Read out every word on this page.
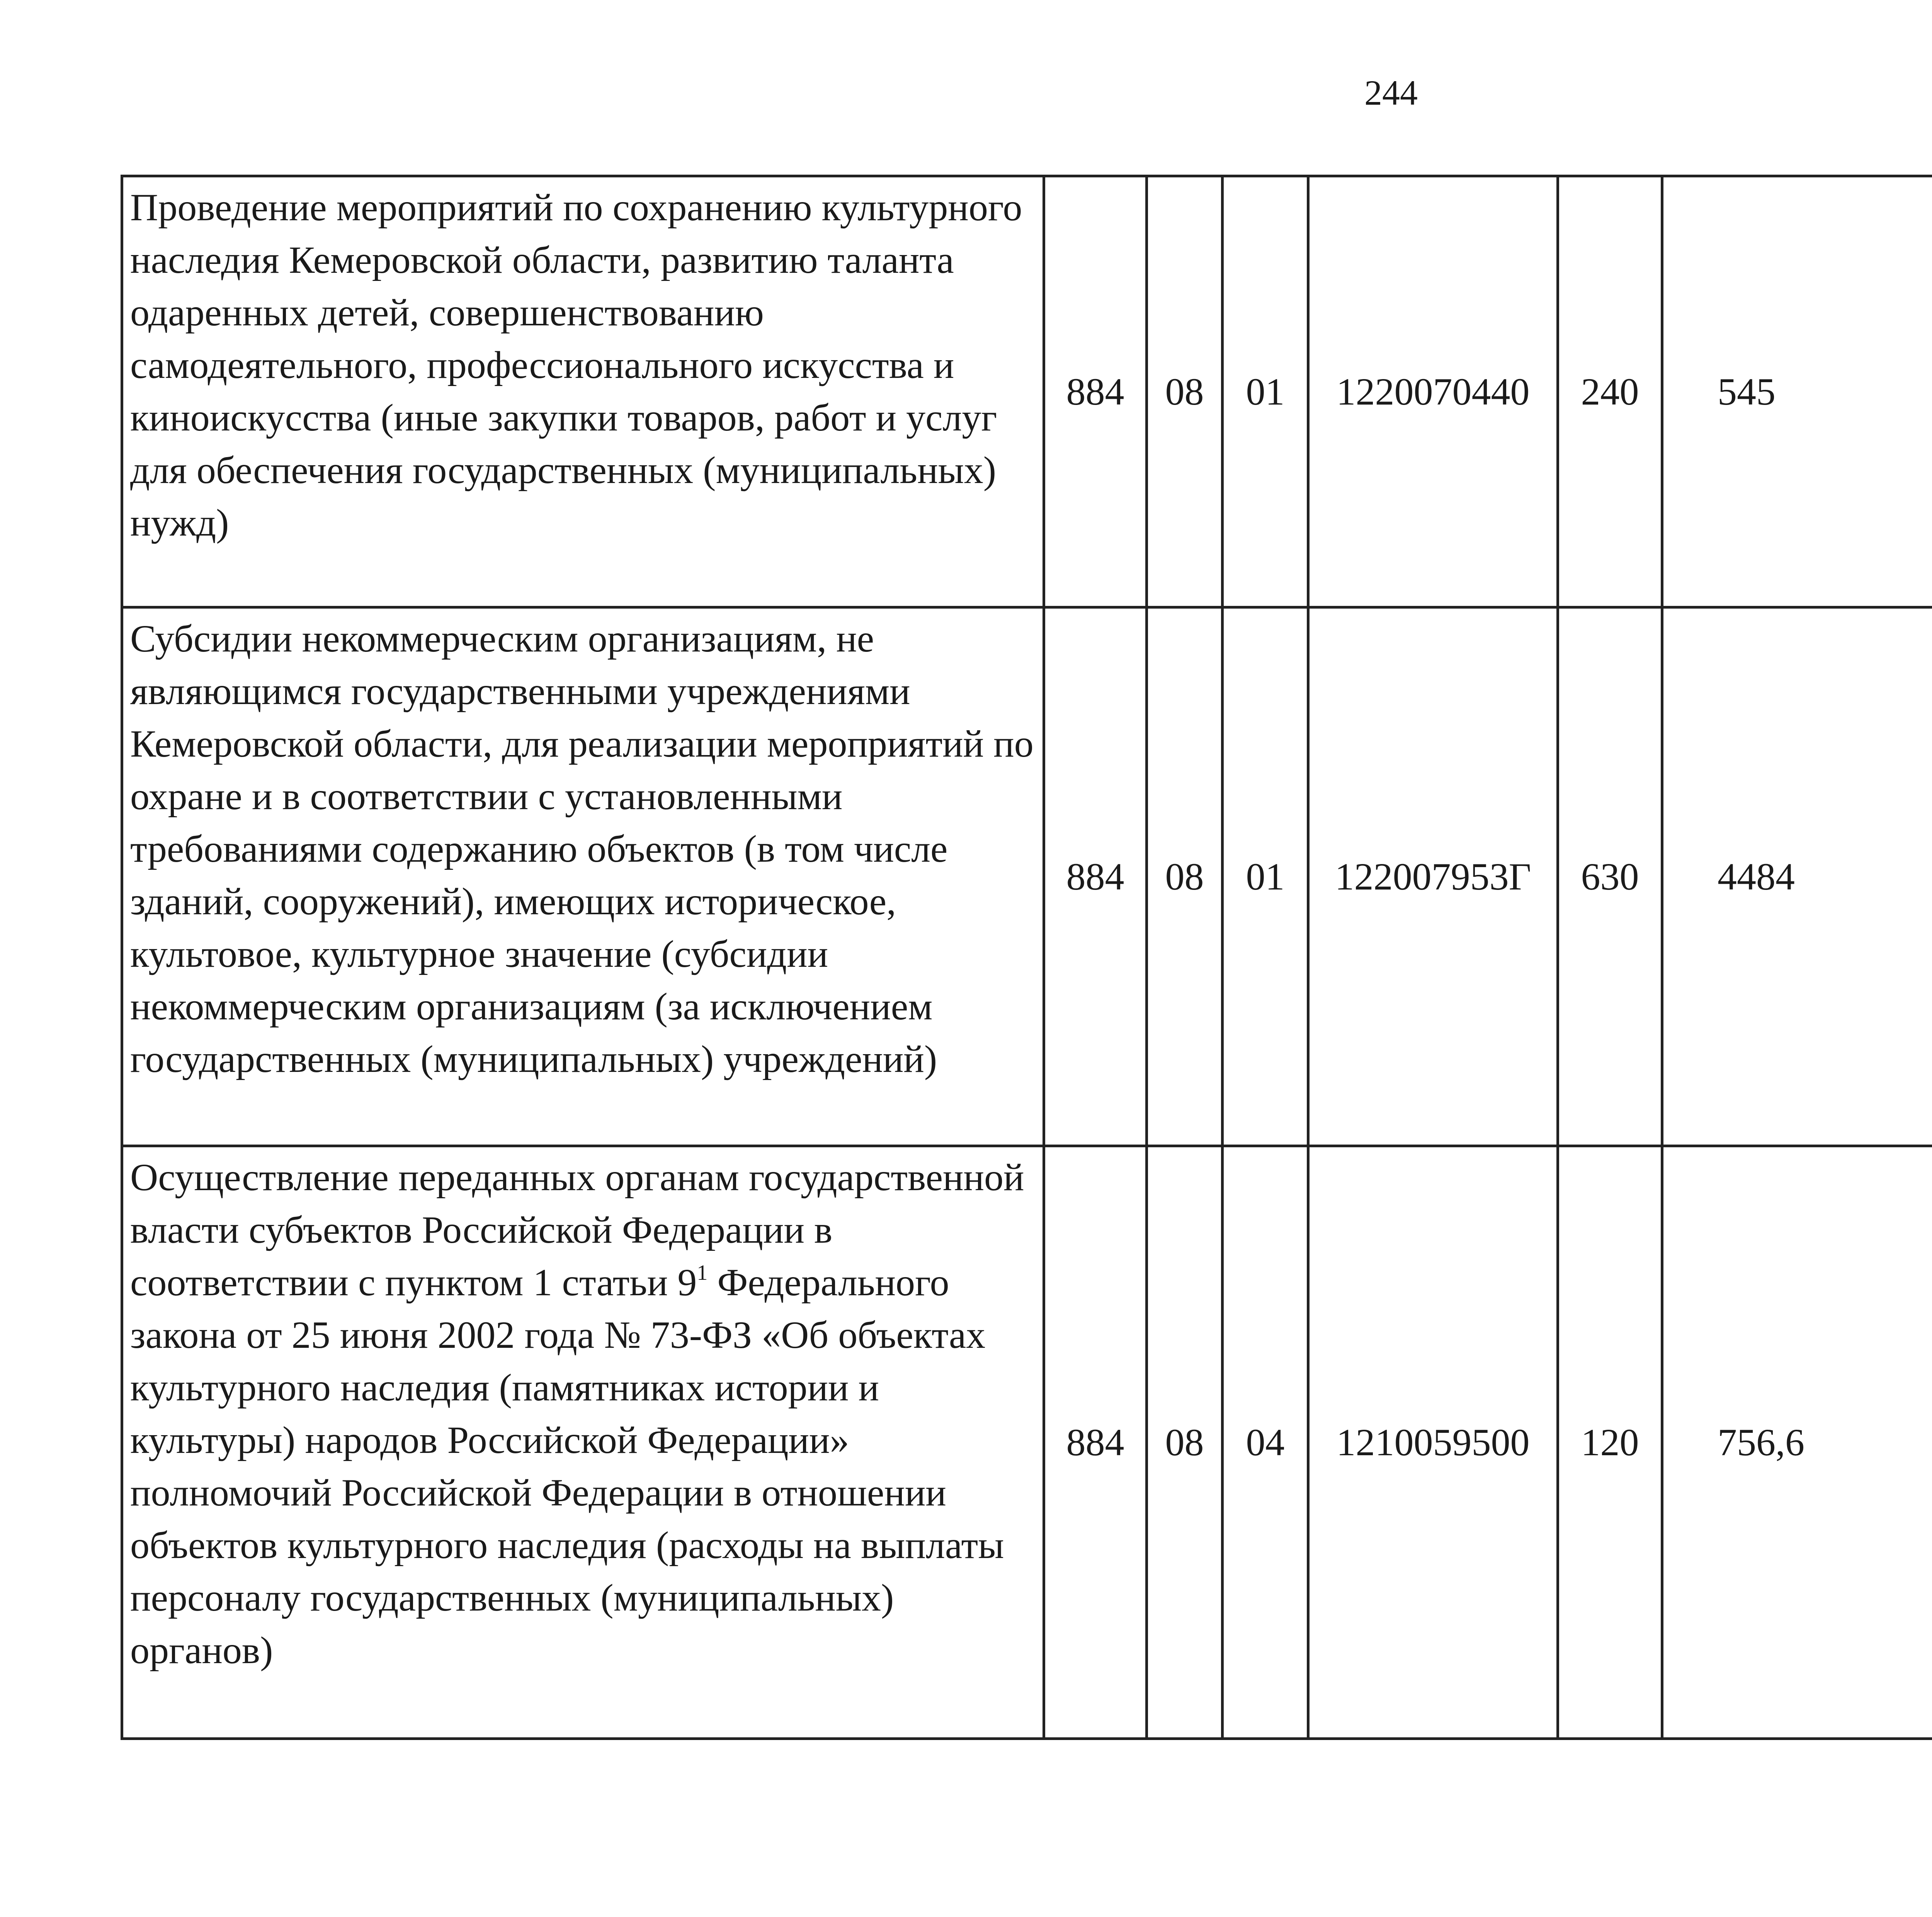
244
Проведение мероприятий по сохранению культурного наследия Кемеровской области, развитию таланта одаренных детей, совершенствованию самодеятельного, профессионального искусства и киноискусства (иные закупки товаров, работ и услуг для обеспечения государственных (муниципальных) нужд)	884	08	01	1220070440	240	545		
Субсидии некоммерческим организациям, не являющимся государственными учреждениями Кемеровской области, для реализации мероприятий по охране и в соответствии с установленными требованиями содержанию объектов (в том числе зданий, сооружений), имеющих историческое, культовое, культурное значение (субсидии некоммерческим организациям (за исключением государственных (муниципальных) учреждений)	884	08	01	122007953Г	630	4484		
Осуществление переданных органам государственной власти субъектов Российской Федерации в соответствии с пунктом 1 статьи $9^1$ Федерального закона от 25 июня 2002 года № 73-ФЗ «Об объектах культурного наследия (памятниках истории и культуры) народов Российской Федерации» полномочий Российской Федерации в отношении объектов культурного наследия (расходы на выплаты персоналу государственных (муниципальных) органов)	884	08	04	1210059500	120	756,6		
